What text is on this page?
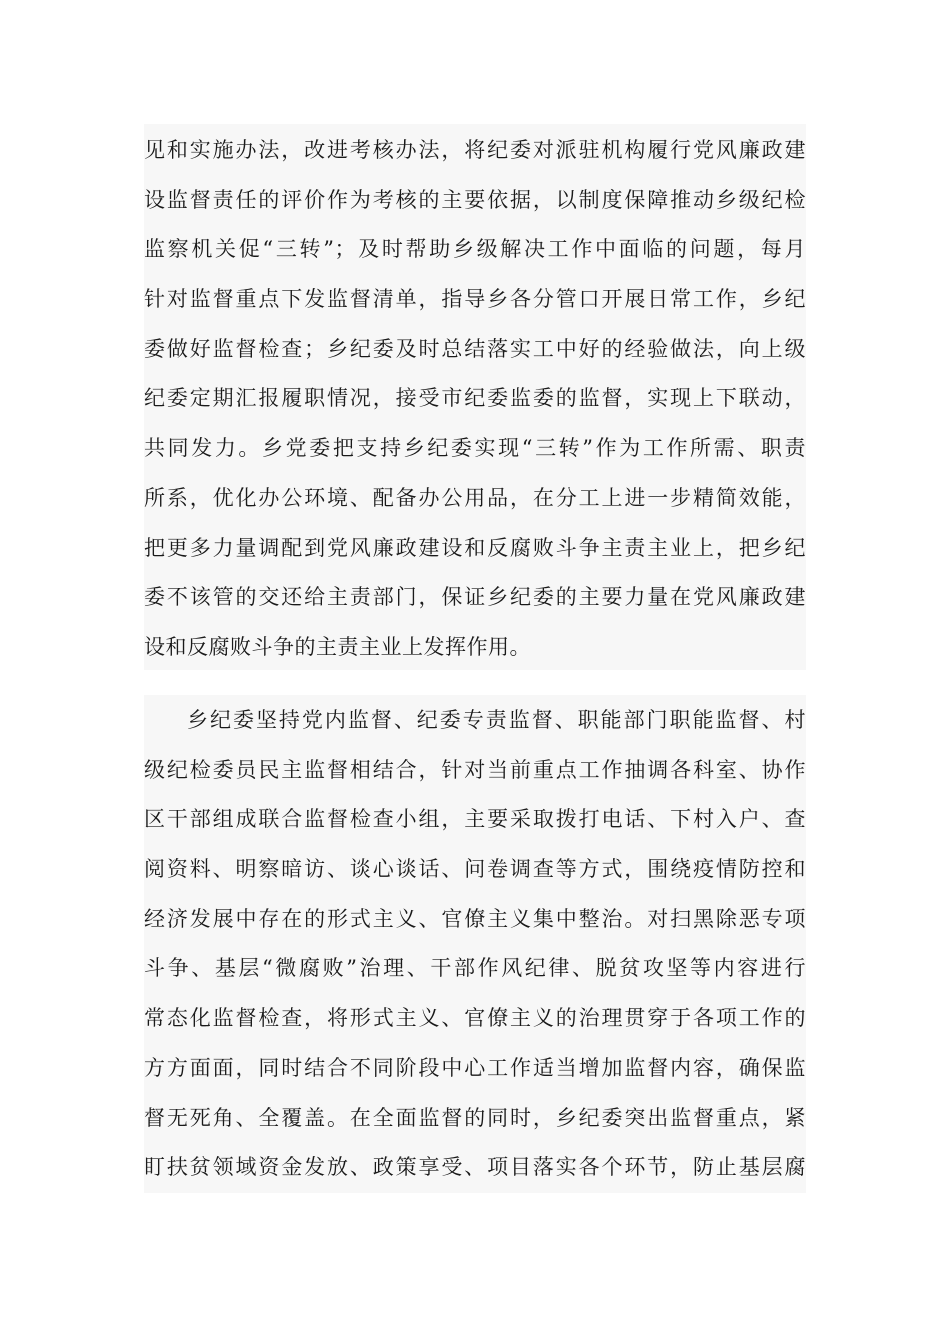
见和实施办法，改进考核办法，将纪委对派驻机构履行党风廉政建
设监督责任的评价作为考核的主要依据，以制度保障推动乡级纪检
监察机关促“三转”；及时帮助乡级解决工作中面临的问题，每月
针对监督重点下发监督清单，指导乡各分管口开展日常工作，乡纪
委做好监督检查；乡纪委及时总结落实工中好的经验做法，向上级
纪委定期汇报履职情况，接受市纪委监委的监督，实现上下联动，
共同发力。乡党委把支持乡纪委实现“三转”作为工作所需、职责
所系，优化办公环境、配备办公用品，在分工上进一步精简效能，
把更多力量调配到党风廉政建设和反腐败斗争主责主业上，把乡纪
委不该管的交还给主责部门，保证乡纪委的主要力量在党风廉政建
设和反腐败斗争的主责主业上发挥作用。
乡纪委坚持党内监督、纪委专责监督、职能部门职能监督、村
级纪检委员民主监督相结合，针对当前重点工作抽调各科室、协作
区干部组成联合监督检查小组，主要采取拨打电话、下村入户、查
阅资料、明察暗访、谈心谈话、问卷调查等方式，围绕疫情防控和
经济发展中存在的形式主义、官僚主义集中整治。对扫黑除恶专项
斗争、基层“微腐败”治理、干部作风纪律、脱贫攻坚等内容进行
常态化监督检查，将形式主义、官僚主义的治理贯穿于各项工作的
方方面面，同时结合不同阶段中心工作适当增加监督内容，确保监
督无死角、全覆盖。在全面监督的同时，乡纪委突出监督重点，紧
盯扶贫领域资金发放、政策享受、项目落实各个环节，防止基层腐
